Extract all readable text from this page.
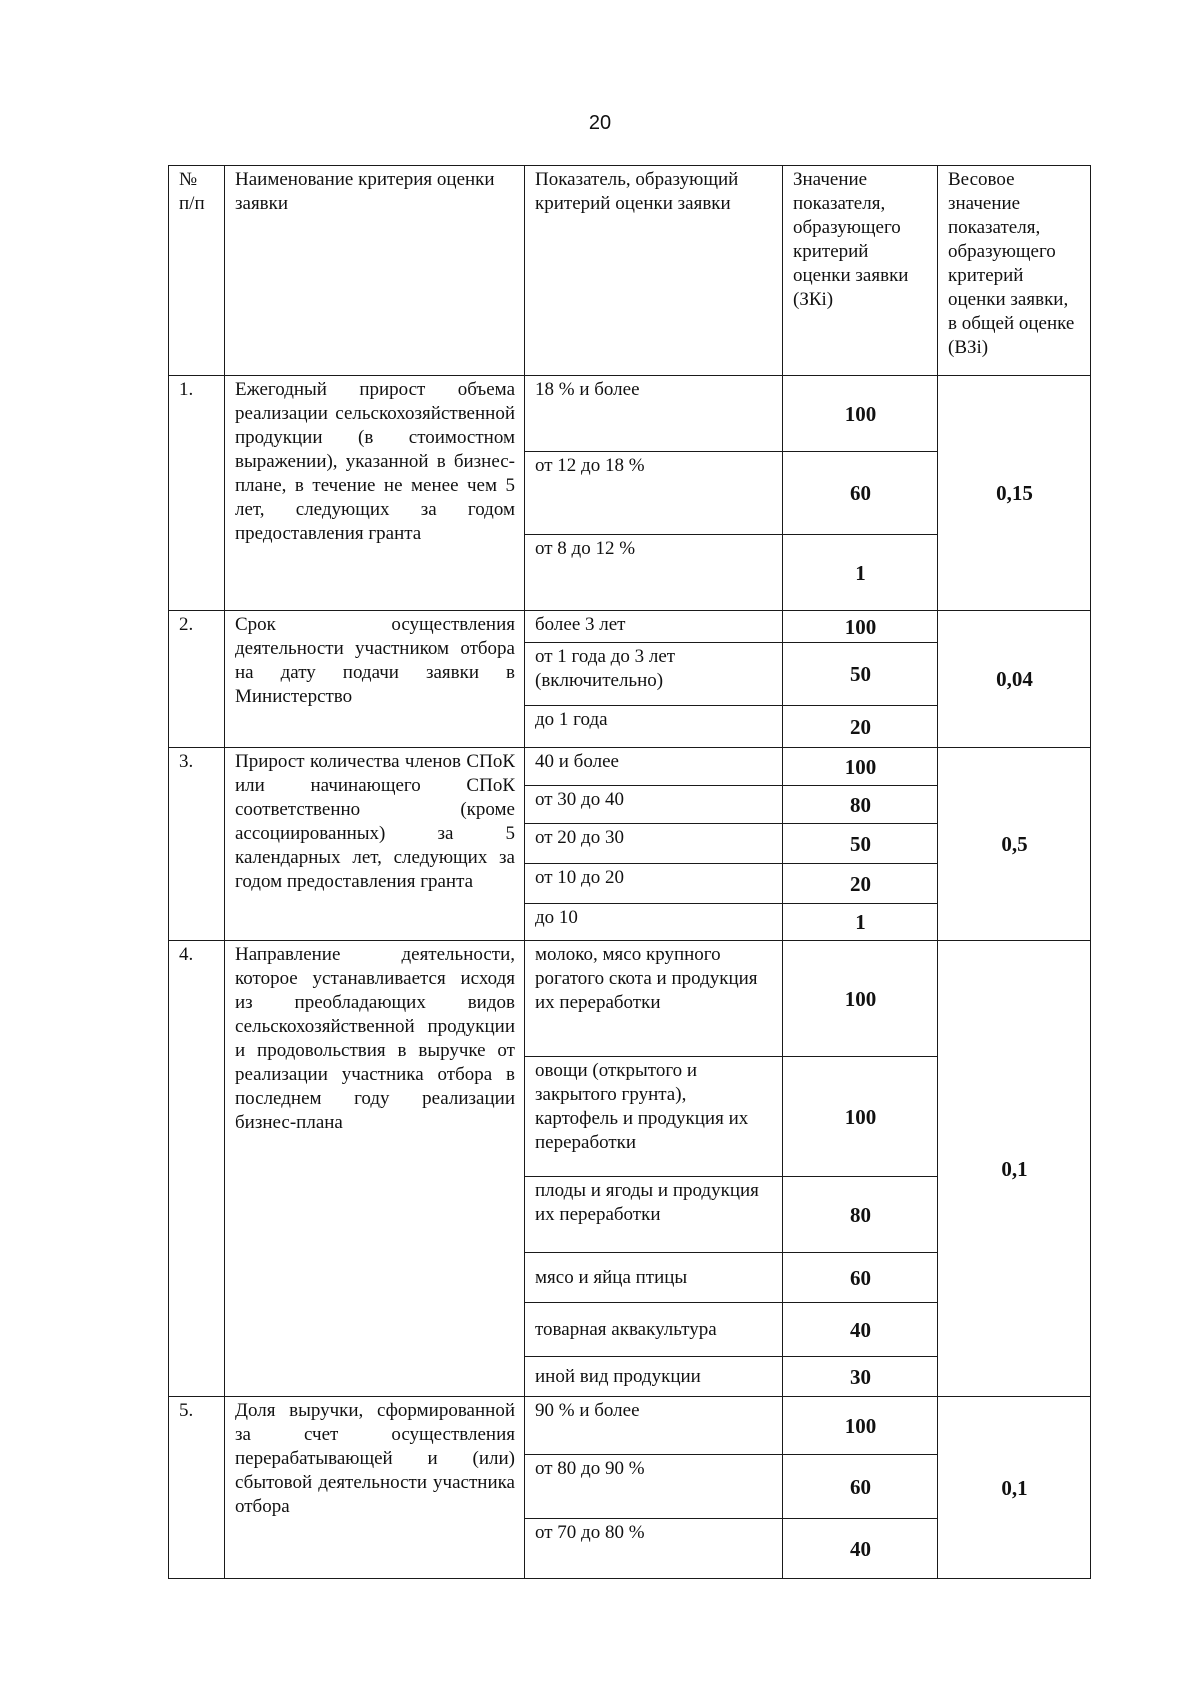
20
№ п/п	Наименование критерия оценки заявки	Показатель, образующий критерий оценки заявки	Значение показателя, образующего критерий оценки заявки (ЗКi)	Весовое значение показателя, образующего критерий оценки заявки, в общей оценке (ВЗi)
1.	Ежегодный прирост объема реализации сельскохозяйственной продукции (в стоимостном выражении), указанной в бизнес-плане, в течение не менее чем 5 лет, следующих за годом предоставления гранта	18 % и более	100	0,15
		от 12 до 18 %	60	
		от 8 до 12 %	1	
2.	Срок осуществления деятельности участником отбора на дату подачи заявки в Министерство	более 3 лет	100	0,04
		от 1 года до 3 лет (включительно)	50	
		до 1 года	20	
3.	Прирост количества членов СПоК или начинающего СПоК соответственно (кроме ассоциированных) за 5 календарных лет, следующих за годом предоставления гранта	40 и более	100	0,5
		от 30 до 40	80	
		от 20 до 30	50	
		от 10 до 20	20	
		до 10	1	
4.	Направление деятельности, которое устанавливается исходя из преобладающих видов сельскохозяйственной продукции и продовольствия в выручке от реализации участника отбора в последнем году реализации бизнес-плана	молоко, мясо крупного рогатого скота и продукция их переработки	100	0,1
		овощи (открытого и закрытого грунта), картофель и продукция их переработки	100	
		плоды и ягоды и продукция их переработки	80	
		мясо и яйца птицы	60	
		товарная аквакультура	40	
		иной вид продукции	30	
5.	Доля выручки, сформированной за счет осуществления перерабатывающей и (или) сбытовой деятельности участника отбора	90 % и более	100	0,1
		от 80 до 90 %	60	
		от 70 до 80 %	40	
